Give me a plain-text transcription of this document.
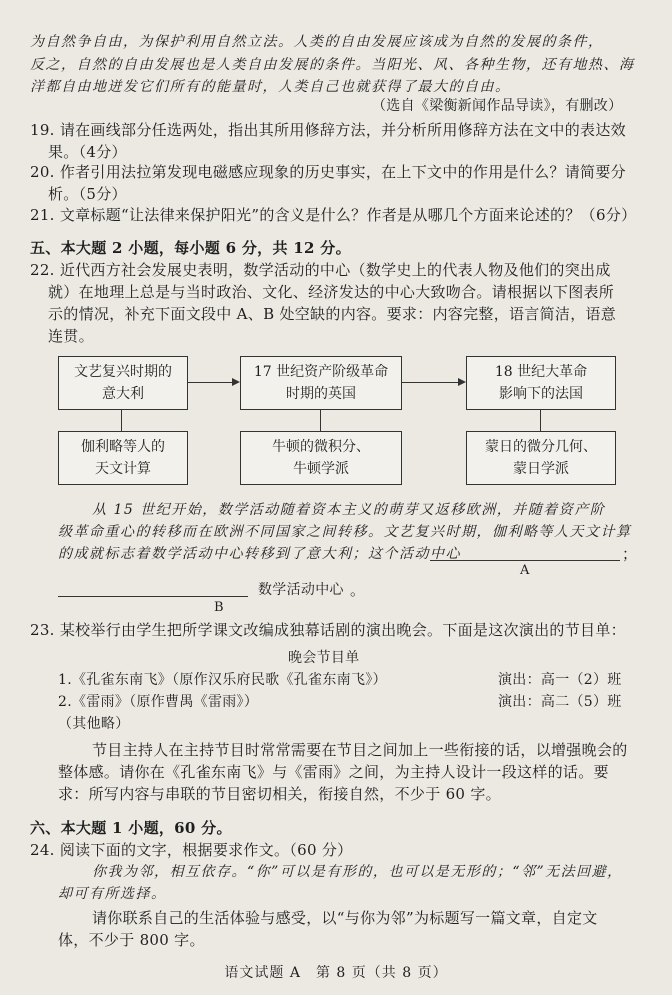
为自然争自由，为保护利用自然立法。人类的自由发展应该成为自然的发展的条件，
反之，自然的自由发展也是人类自由发展的条件。当阳光、风、各种生物，还有地热、海
洋都自由地迸发它们所有的能量时，人类自己也就获得了最大的自由。
（选自《梁衡新闻作品导读》，有删改）
19. 请在画线部分任选两处，指出其所用修辞方法，并分析所用修辞方法在文中的表达效
果。（4分）
20. 作者引用法拉第发现电磁感应现象的历史事实，在上下文中的作用是什么？请简要分
析。（5分）
21. 文章标题“让法律来保护阳光”的含义是什么？作者是从哪几个方面来论述的？（6分）
五、本大题 2 小题，每小题 6 分，共 12 分。
22. 近代西方社会发展史表明，数学活动的中心（数学史上的代表人物及他们的突出成
就）在地理上总是与当时政治、文化、经济发达的中心大致吻合。请根据以下图表所
示的情况，补充下面文段中 A、B 处空缺的内容。要求：内容完整，语言简洁，语意
连贯。
文艺复兴时期的
意大利
17 世纪资产阶级革命
时期的英国
18 世纪大革命
影响下的法国
伽利略等人的
天文计算
牛顿的微积分、
牛顿学派
蒙日的微分几何、
蒙日学派
从 15 世纪开始，数学活动随着资本主义的萌芽又返移欧洲，并随着资产阶
级革命重心的转移而在欧洲不同国家之间转移。文艺复兴时期，伽利略等人天文计算
的成就标志着数学活动中心转移到了意大利；这个活动中心	；
A
数学活动中心 。
B
23. 某校举行由学生把所学课文改编成独幕话剧的演出晚会。下面是这次演出的节目单：
晚会节目单
1.《孔雀东南飞》（原作汉乐府民歌《孔雀东南飞》）	演出：高一（2）班
2.《雷雨》（原作曹禺《雷雨》）	演出：高二（5）班
（其他略）
节目主持人在主持节目时常常需要在节目之间加上一些衔接的话，以增强晚会的
整体感。请你在《孔雀东南飞》与《雷雨》之间，为主持人设计一段这样的话。要
求：所写内容与串联的节目密切相关，衔接自然，不少于 60 字。
六、本大题 1 小题，60 分。
24. 阅读下面的文字，根据要求作文。（60 分）
你我为邻，相互依存。“你”可以是有形的，也可以是无形的；“邻”无法回避，
却可有所选择。
请你联系自己的生活体验与感受，以“与你为邻”为标题写一篇文章，自定文
体，不少于 800 字。
语文试题 A　第 8 页（共 8 页）
